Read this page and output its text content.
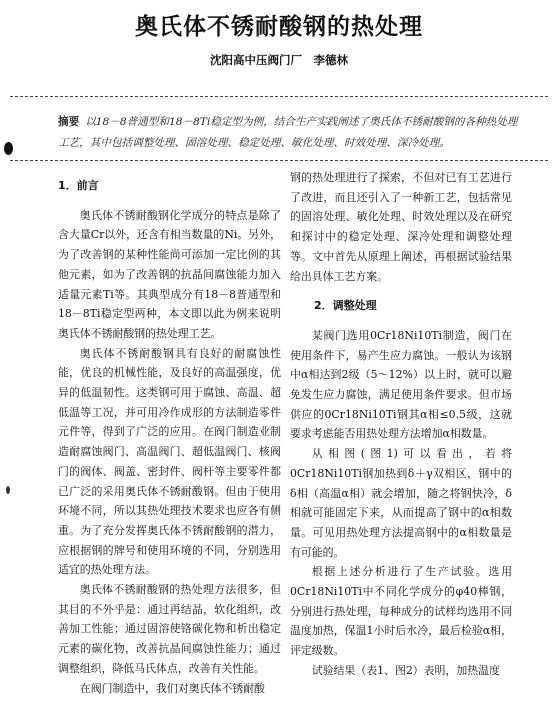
奥氏体不锈耐酸钢的热处理
沈阳高中压阀门厂　李德林
摘要 以18－8普通型和18－8Ti稳定型为例，结合生产实践阐述了奥氏体不锈耐酸钢的各种热处理工艺，其中包括调整处理、固溶处理、稳定处理、敏化处理、时效处理、深冷处理。
1．前言

奥氏体不锈耐酸钢化学成分的特点是除了含大量Cr以外，还含有相当数量的Ni。另外，为了改善钢的某种性能尚可添加一定比例的其他元素，如为了改善钢的抗晶间腐蚀能力加入适量元素Ti等。其典型成分有18－8普通型和18－8Ti稳定型两种，本文即以此为例来说明奥氏体不锈耐酸钢的热处理工艺。

奥氏体不锈耐酸钢具有良好的耐腐蚀性能，优良的机械性能，及良好的高温强度，优异的低温韧性。这类钢可用于腐蚀、高温、超低温等工况，并可用冷作成形的方法制造零件元件等，得到了广泛的应用。在阀门制造业制造耐腐蚀阀门、高温阀门、超低温阀门、核阀门的阀体、阀盖、密封件、阀杆等主要零件都已广泛的采用奥氏体不锈耐酸钢。但由于使用环境不同，所以其热处理技术要求也应各有侧重。为了充分发挥奥氏体不锈耐酸钢的潜力，应根据钢的牌号和使用环境的不同，分别选用适宜的热处理方法。

奥氏体不锈耐酸钢的热处理方法很多，但其目的不外乎是：通过再结晶，软化组织，改善加工性能；通过固溶使铬碳化物和析出稳定元素的碳化物，改善抗晶间腐蚀性能力；通过调整组织，降低马氏体点，改善有关性能。

在阀门制造中，我们对奥氏体不锈耐酸

钢的热处理进行了探索，不但对已有工艺进行了改进，而且还引入了一种新工艺，包括常见的固溶处理、敏化处理、时效处理以及在研究和探讨中的稳定处理、深冷处理和调整处理等。文中首先从原理上阐述，再根据试验结果给出具体工艺方案。

2．调整处理

某阀门选用0Cr18Ni10Ti制造，阀门在使用条件下，易产生应力腐蚀。一般认为该钢中α相达到2级（5～12%）以上时，就可以避免发生应力腐蚀，满足使用条件要求。但市场供应的0Cr18Ni10Ti钢其α相≤0.5级，这就要求考虑能否用热处理方法增加α相数量。

从相图(图1)可以看出，若将0Cr18Ni10Ti钢加热到δ＋γ双相区，钢中的δ相（高温α相）就会增加，随之将钢快冷，δ相就可能固定下来，从而提高了钢中的α相数量。可见用热处理方法提高钢中的α相数量是有可能的。

根据上述分析进行了生产试验。选用0Cr18Ni10Ti中不同化学成分的φ40棒钢，分别进行热处理，每种成分的试样均选用不同温度加热，保温1小时后水冷，最后检验α相，评定级数。

试验结果（表1、图2）表明，加热温度
